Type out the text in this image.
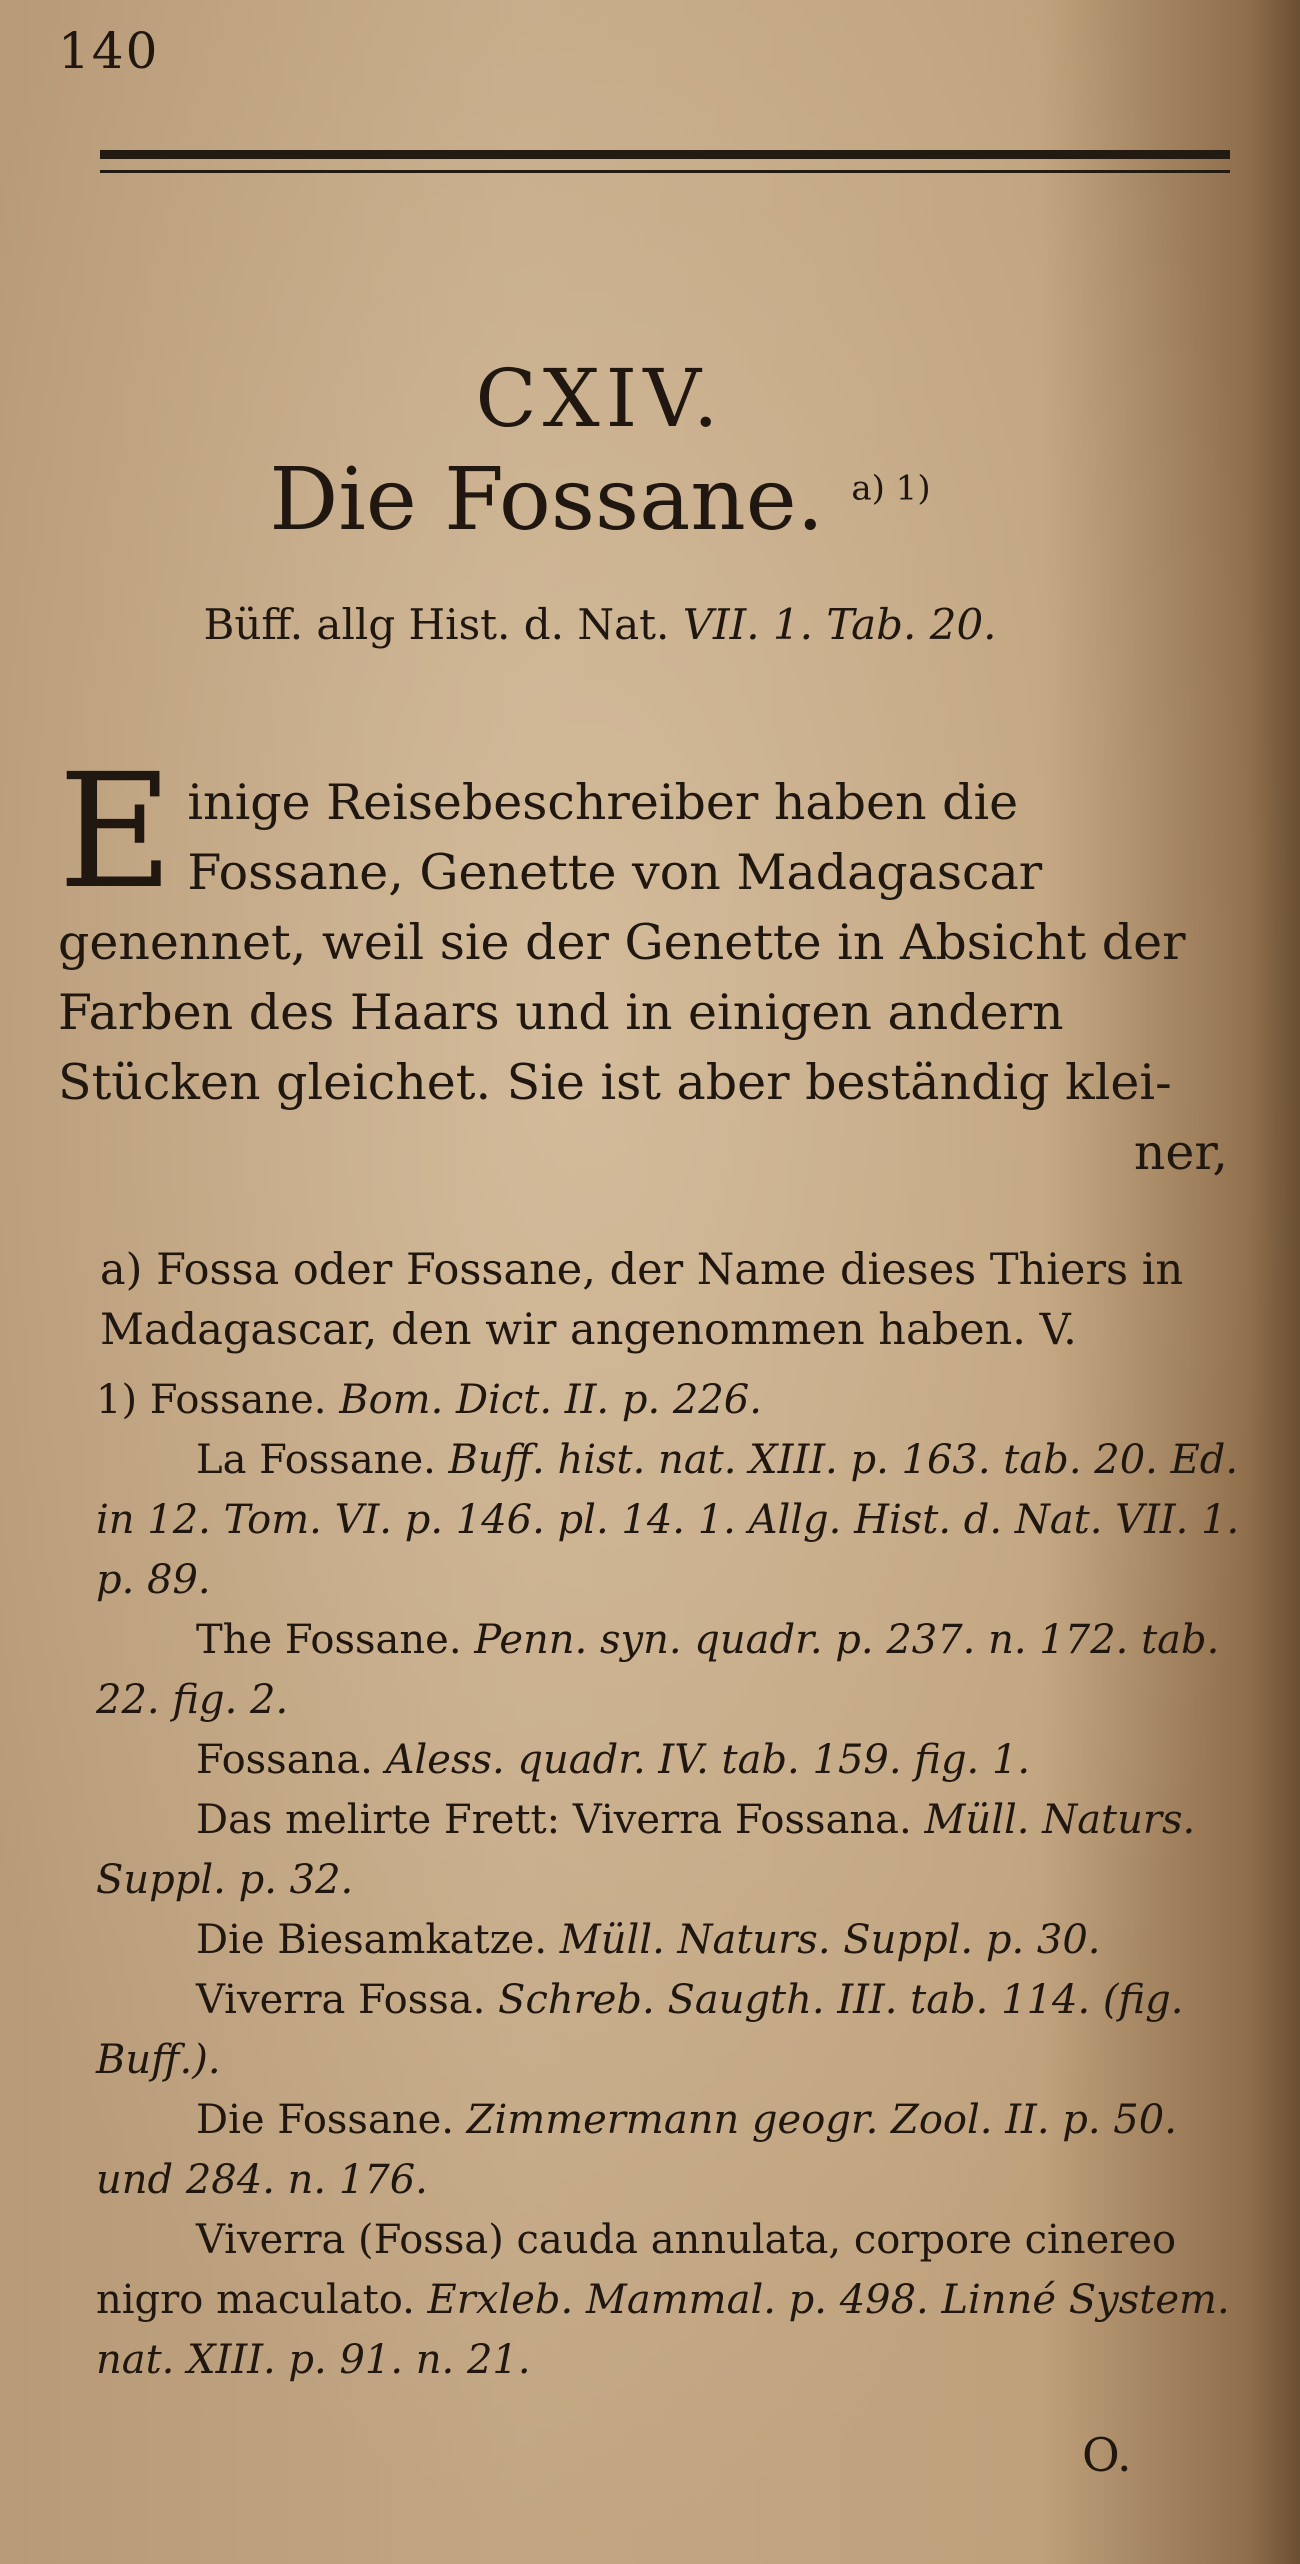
140
CXIV.
Die Fossane. $^{a) 1)}$
Büff. allg Hist. d. Nat. VII. 1. Tab. 20.
E inige Reisebeschreiber haben die Fossane, Genette von Madagascar genennet, weil sie der Genette in Absicht der Farben des Haars und in einigen andern Stücken gleichet. Sie ist aber beständig klei-

ner,

a) Fossa oder Fossane, der Name dieses Thiers in Madagascar, den wir angenommen haben. V.

1) Fossane. Bom. Dict. II. p. 226.

La Fossane. Buff. hist. nat. XIII. p. 163. tab. 20. Ed. in 12. Tom. VI. p. 146. pl. 14. 1. Allg. Hist. d. Nat. VII. 1. p. 89.

The Fossane. Penn. syn. quadr. p. 237. n. 172. tab. 22. fig. 2.

Fossana. Aless. quadr. IV. tab. 159. fig. 1.

Das melirte Frett: Viverra Fossana. Müll. Naturs. Suppl. p. 32.

Die Biesamkatze. Müll. Naturs. Suppl. p. 30.

Viverra Fossa. Schreb. Saugth. III. tab. 114. (fig. Buff.).

Die Fossane. Zimmermann geogr. Zool. II. p. 50. und 284. n. 176.

Viverra (Fossa) cauda annulata, corpore cinereo nigro maculato. Erxleb. Mammal. p. 498. Linné System. nat. XIII. p. 91. n. 21.

O.
